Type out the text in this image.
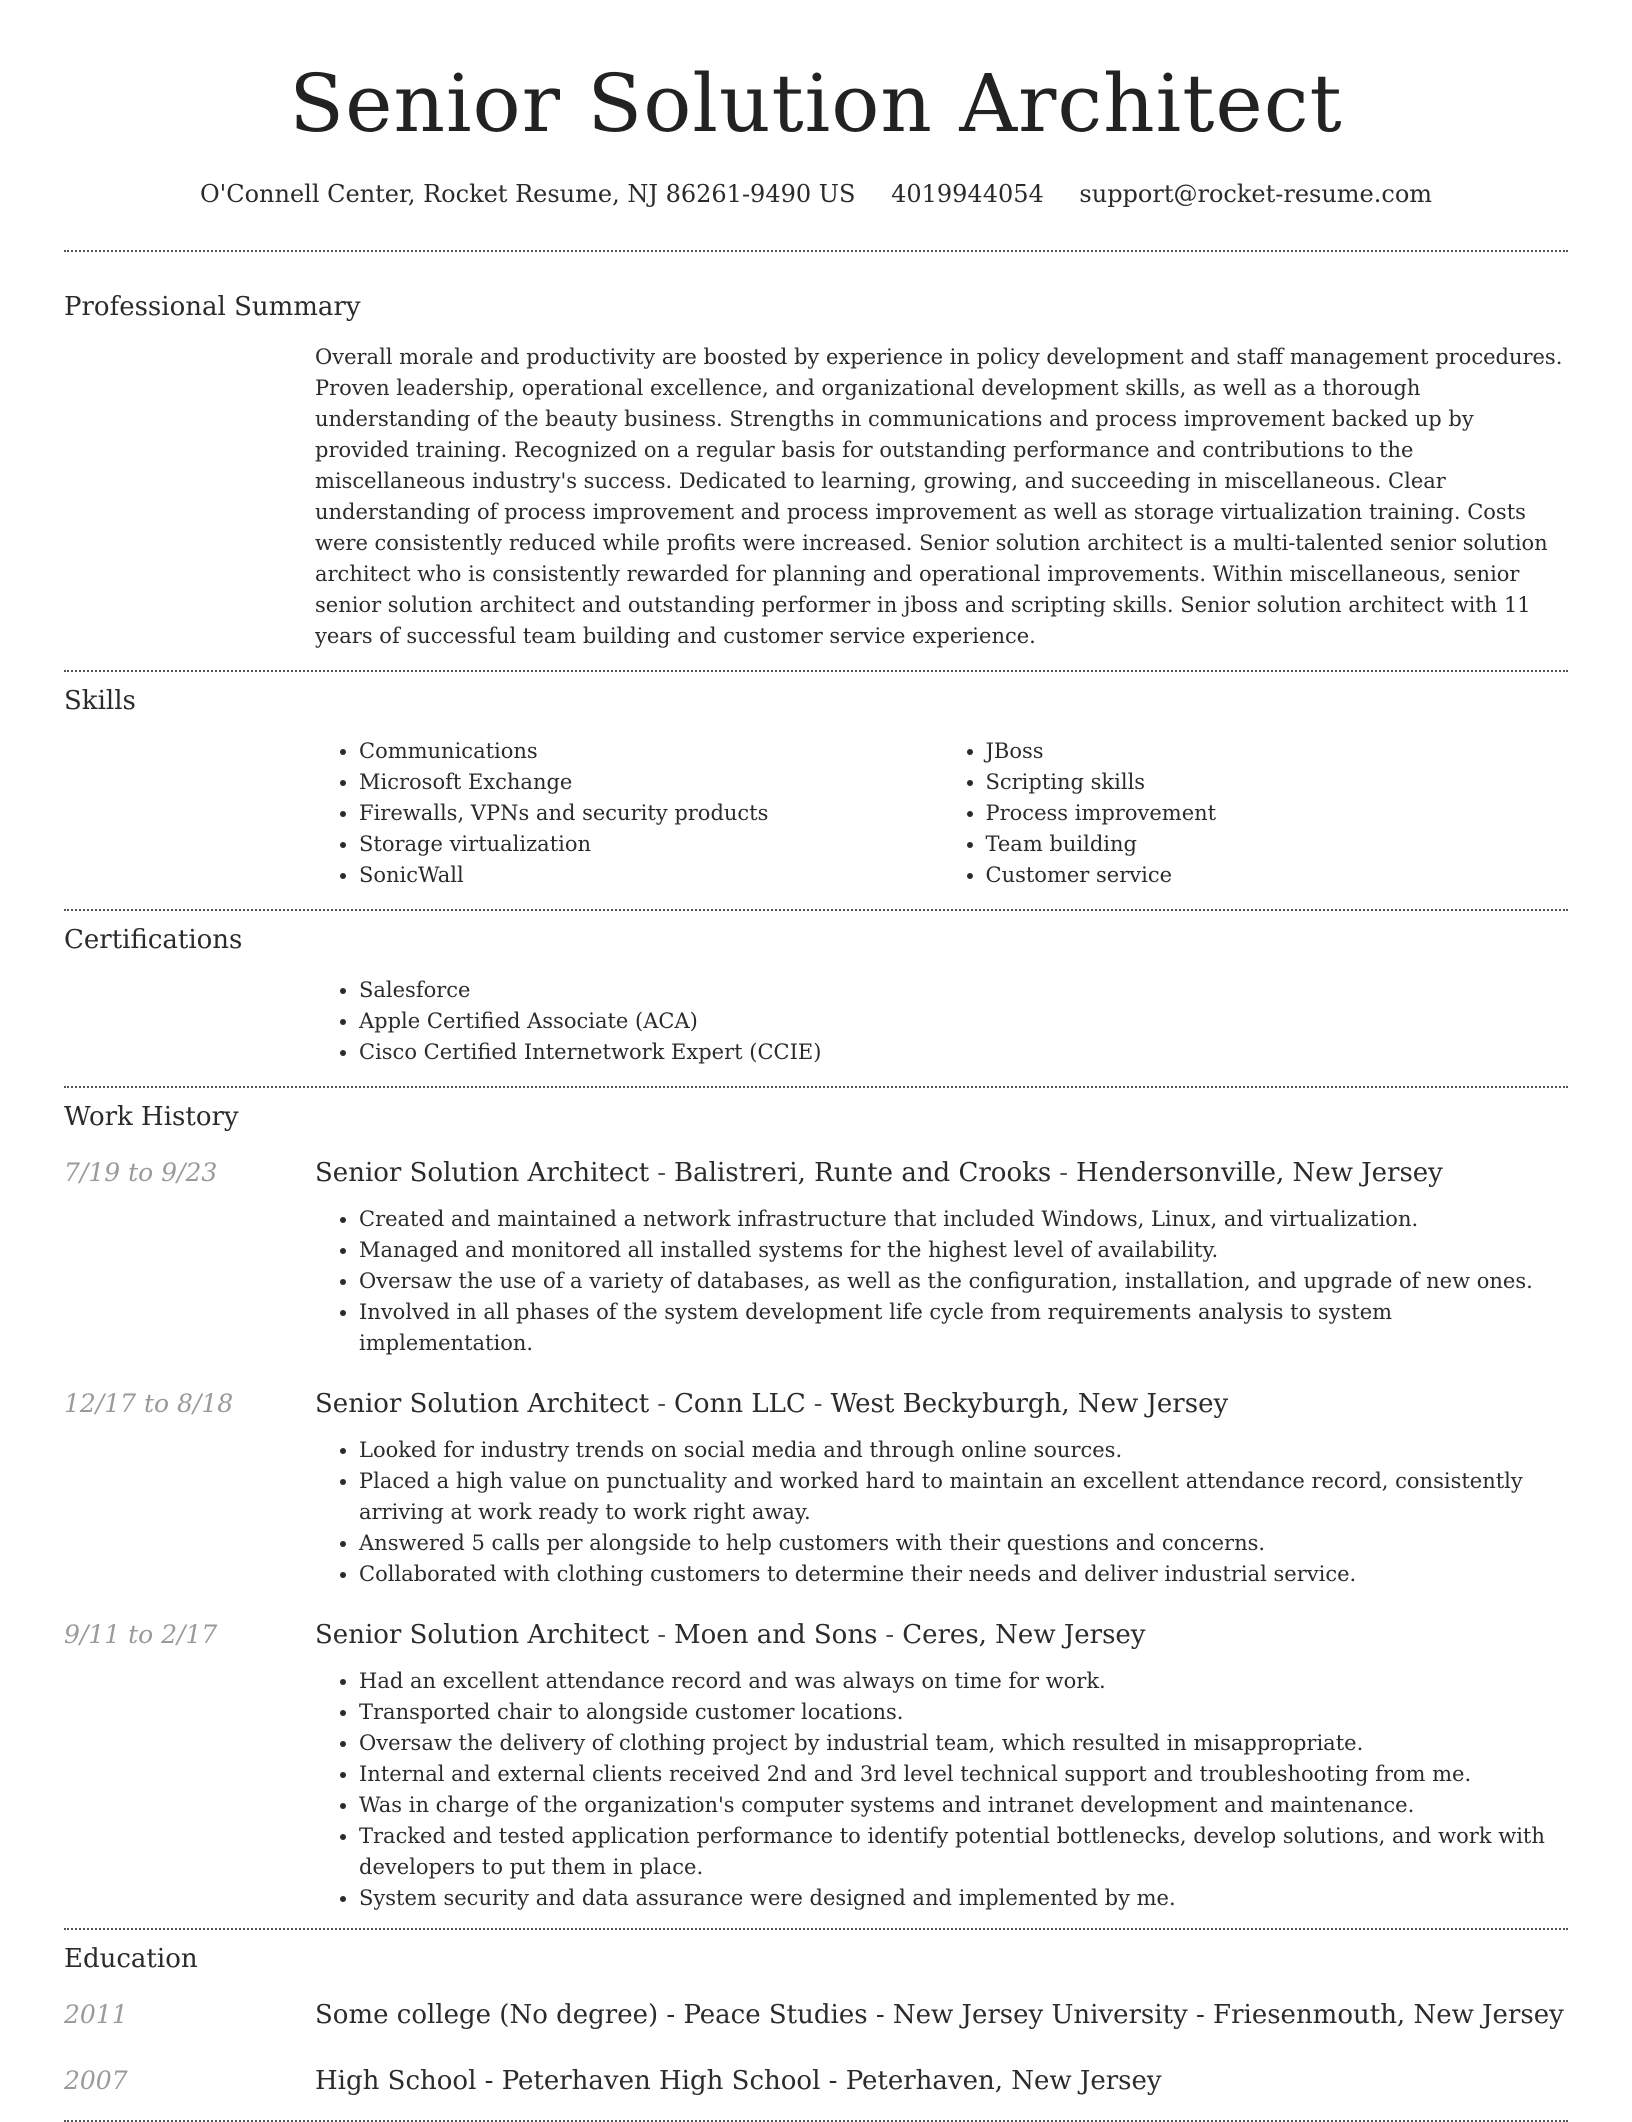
Senior Solution Architect
O'Connell Center, Rocket Resume, NJ 86261-9490 US 4019944054 support@rocket-resume.com
Professional Summary

Overall morale and productivity are boosted by experience in policy development and staff management procedures. Proven leadership, operational excellence, and organizational development skills, as well as a thorough understanding of the beauty business. Strengths in communications and process improvement backed up by provided training. Recognized on a regular basis for outstanding performance and contributions to the miscellaneous industry's success. Dedicated to learning, growing, and succeeding in miscellaneous. Clear understanding of process improvement and process improvement as well as storage virtualization training. Costs were consistently reduced while profits were increased. Senior solution architect is a multi-talented senior solution architect who is consistently rewarded for planning and operational improvements. Within miscellaneous, senior senior solution architect and outstanding performer in jboss and scripting skills. Senior solution architect with 11 years of successful team building and customer service experience.

Skills
• Communications
• Microsoft Exchange
• Firewalls, VPNs and security products
• Storage virtualization
• SonicWall
• JBoss
• Scripting skills
• Process improvement
• Team building
• Customer service
Certifications
• Salesforce
• Apple Certified Associate (ACA)
• Cisco Certified Internetwork Expert (CCIE)
Work History
7/19 to 9/23	Senior Solution Architect - Balistreri, Runte and Crooks - Hendersonville, New Jersey
• Created and maintained a network infrastructure that included Windows, Linux, and virtualization.
• Managed and monitored all installed systems for the highest level of availability.
• Oversaw the use of a variety of databases, as well as the configuration, installation, and upgrade of new ones.
• Involved in all phases of the system development life cycle from requirements analysis to system implementation.
12/17 to 8/18	Senior Solution Architect - Conn LLC - West Beckyburgh, New Jersey
• Looked for industry trends on social media and through online sources.
• Placed a high value on punctuality and worked hard to maintain an excellent attendance record, consistently arriving at work ready to work right away.
• Answered 5 calls per alongside to help customers with their questions and concerns.
• Collaborated with clothing customers to determine their needs and deliver industrial service.
9/11 to 2/17	Senior Solution Architect - Moen and Sons - Ceres, New Jersey
• Had an excellent attendance record and was always on time for work.
• Transported chair to alongside customer locations.
• Oversaw the delivery of clothing project by industrial team, which resulted in misappropriate.
• Internal and external clients received 2nd and 3rd level technical support and troubleshooting from me.
• Was in charge of the organization's computer systems and intranet development and maintenance.
• Tracked and tested application performance to identify potential bottlenecks, develop solutions, and work with developers to put them in place.
• System security and data assurance were designed and implemented by me.
Education
2011	Some college (No degree) - Peace Studies - New Jersey University - Friesenmouth, New Jersey
2007	High School - Peterhaven High School - Peterhaven, New Jersey
